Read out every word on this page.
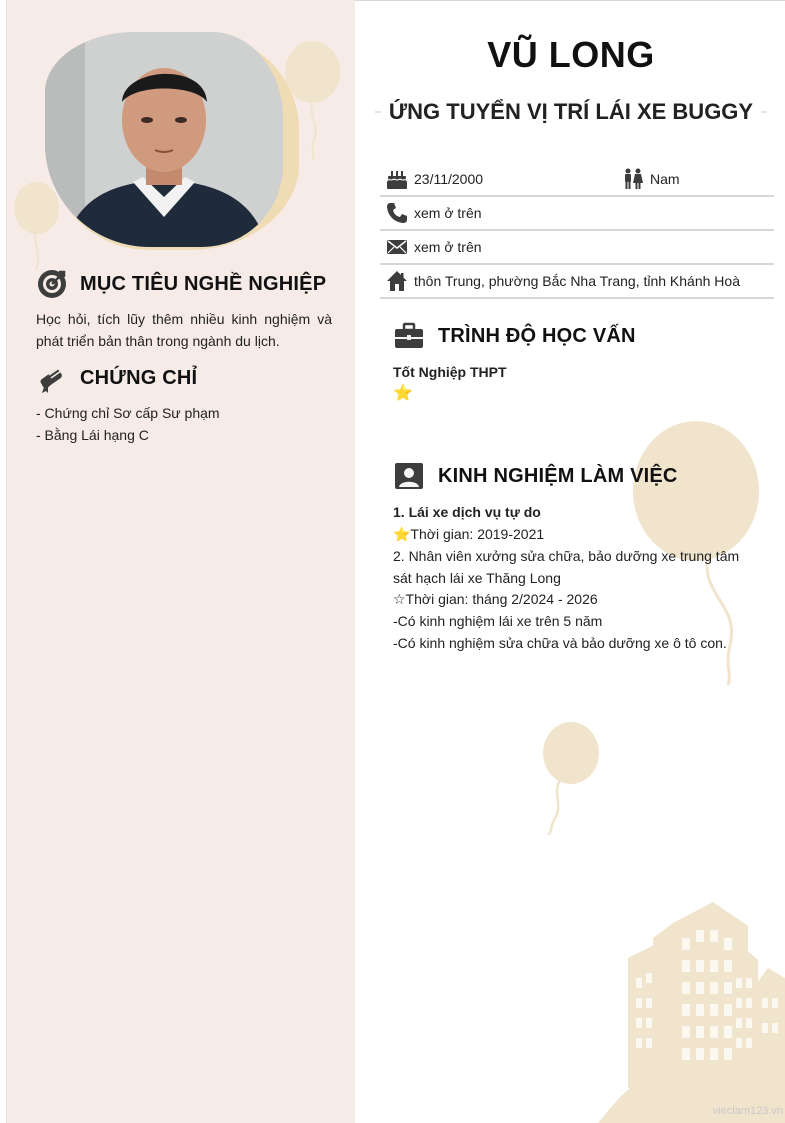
MỤC TIÊU NGHỀ NGHIỆP
Học hỏi, tích lũy thêm nhiều kinh nghiệm và phát triển bản thân trong ngành du lịch.
CHỨNG CHỈ
- Chứng chỉ Sơ cấp Sư phạm
- Bằng Lái hạng C
VŨ LONG
ỨNG TUYỂN VỊ TRÍ LÁI XE BUGGY
23/11/2000	Nam
xem ở trên
xem ở trên
thôn Trung, phường Bắc Nha Trang, tỉnh Khánh Hoà
TRÌNH ĐỘ HỌC VẤN
Tốt Nghiệp THPT
⭐
KINH NGHIỆM LÀM VIỆC
1. Lái xe dịch vụ tự do
⭐Thời gian: 2019-2021
2. Nhân viên xưởng sửa chữa, bảo dưỡng xe trung tâm sát hạch lái xe Thăng Long
☆Thời gian: tháng 2/2024 - 2026
-Có kinh nghiệm lái xe trên 5 năm
-Có kinh nghiệm sửa chữa và bảo dưỡng xe ô tô con.
vieclam123.vn
